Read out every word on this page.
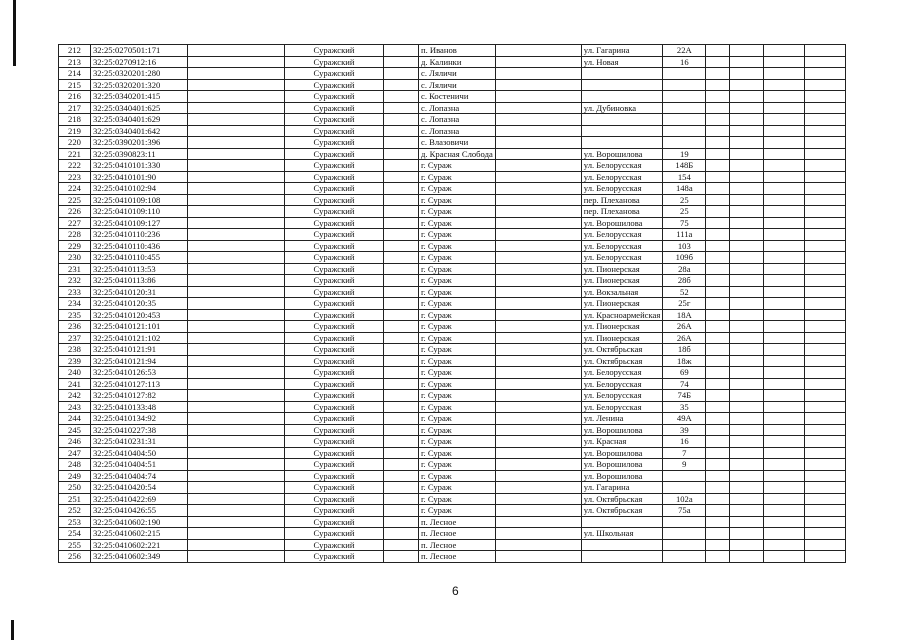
212	32:25:0270501:171		Суражский		п. Иванов		ул. Гагарина	22А				
213	32:25:0270912:16		Суражский		д. Калинки		ул. Новая	16				
214	32:25:0320201:280		Суражский		с. Ляличи							
215	32:25:0320201:320		Суражский		с. Ляличи							
216	32:25:0340201:415		Суражский		с. Костеничи							
217	32:25:0340401:625		Суражский		с. Лопазна		ул. Дубиновка					
218	32:25:0340401:629		Суражский		с. Лопазна							
219	32:25:0340401:642		Суражский		с. Лопазна							
220	32:25:0390201:396		Суражский		с. Влазовичи							
221	32:25:0390823:11		Суражский		д. Красная Слобода		ул. Ворошилова	19				
222	32:25:0410101:330		Суражский		г. Сураж		ул. Белорусская	148Б				
223	32:25:0410101:90		Суражский		г. Сураж		ул. Белорусская	154				
224	32:25:0410102:94		Суражский		г. Сураж		ул. Белорусская	148а				
225	32:25:0410109:108		Суражский		г. Сураж		пер. Плеханова	25				
226	32:25:0410109:110		Суражский		г. Сураж		пер. Плеханова	25				
227	32:25:0410109:127		Суражский		г. Сураж		ул. Ворошилова	75				
228	32:25:0410110:236		Суражский		г. Сураж		ул. Белорусская	111а				
229	32:25:0410110:436		Суражский		г. Сураж		ул. Белорусская	103				
230	32:25:0410110:455		Суражский		г. Сураж		ул. Белорусская	109б				
231	32:25:0410113:53		Суражский		г. Сураж		ул. Пионерская	28а				
232	32:25:0410113:86		Суражский		г. Сураж		ул. Пионерская	28б				
233	32:25:0410120:31		Суражский		г. Сураж		ул. Вокзальная	52				
234	32:25:0410120:35		Суражский		г. Сураж		ул. Пионерская	25г				
235	32:25:0410120:453		Суражский		г. Сураж		ул. Красноармейская	18А				
236	32:25:0410121:101		Суражский		г. Сураж		ул. Пионерская	26А				
237	32:25:0410121:102		Суражский		г. Сураж		ул. Пионерская	26А				
238	32:25:0410121:91		Суражский		г. Сураж		ул. Октябрьская	18б				
239	32:25:0410121:94		Суражский		г. Сураж		ул. Октябрьская	18ж				
240	32:25:0410126:53		Суражский		г. Сураж		ул. Белорусская	69				
241	32:25:0410127:113		Суражский		г. Сураж		ул. Белорусская	74				
242	32:25:0410127:82		Суражский		г. Сураж		ул. Белорусская	74Б				
243	32:25:0410133:48		Суражский		г. Сураж		ул. Белорусская	35				
244	32:25:0410134:92		Суражский		г. Сураж		ул. Ленина	49А				
245	32:25:0410227:38		Суражский		г. Сураж		ул. Ворошилова	39				
246	32:25:0410231:31		Суражский		г. Сураж		ул. Красная	16				
247	32:25:0410404:50		Суражский		г. Сураж		ул. Ворошилова	7				
248	32:25:0410404:51		Суражский		г. Сураж		ул. Ворошилова	9				
249	32:25:0410404:74		Суражский		г. Сураж		ул. Ворошилова					
250	32:25:0410420:54		Суражский		г. Сураж		ул. Гагарина					
251	32:25:0410422:69		Суражский		г. Сураж		ул. Октябрьская	102а				
252	32:25:0410426:55		Суражский		г. Сураж		ул. Октябрьская	75а				
253	32:25:0410602:190		Суражский		п. Лесное							
254	32:25:0410602:215		Суражский		п. Лесное		ул. Школьная					
255	32:25:0410602:221		Суражский		п. Лесное							
256	32:25:0410602:349		Суражский		п. Лесное							
6
